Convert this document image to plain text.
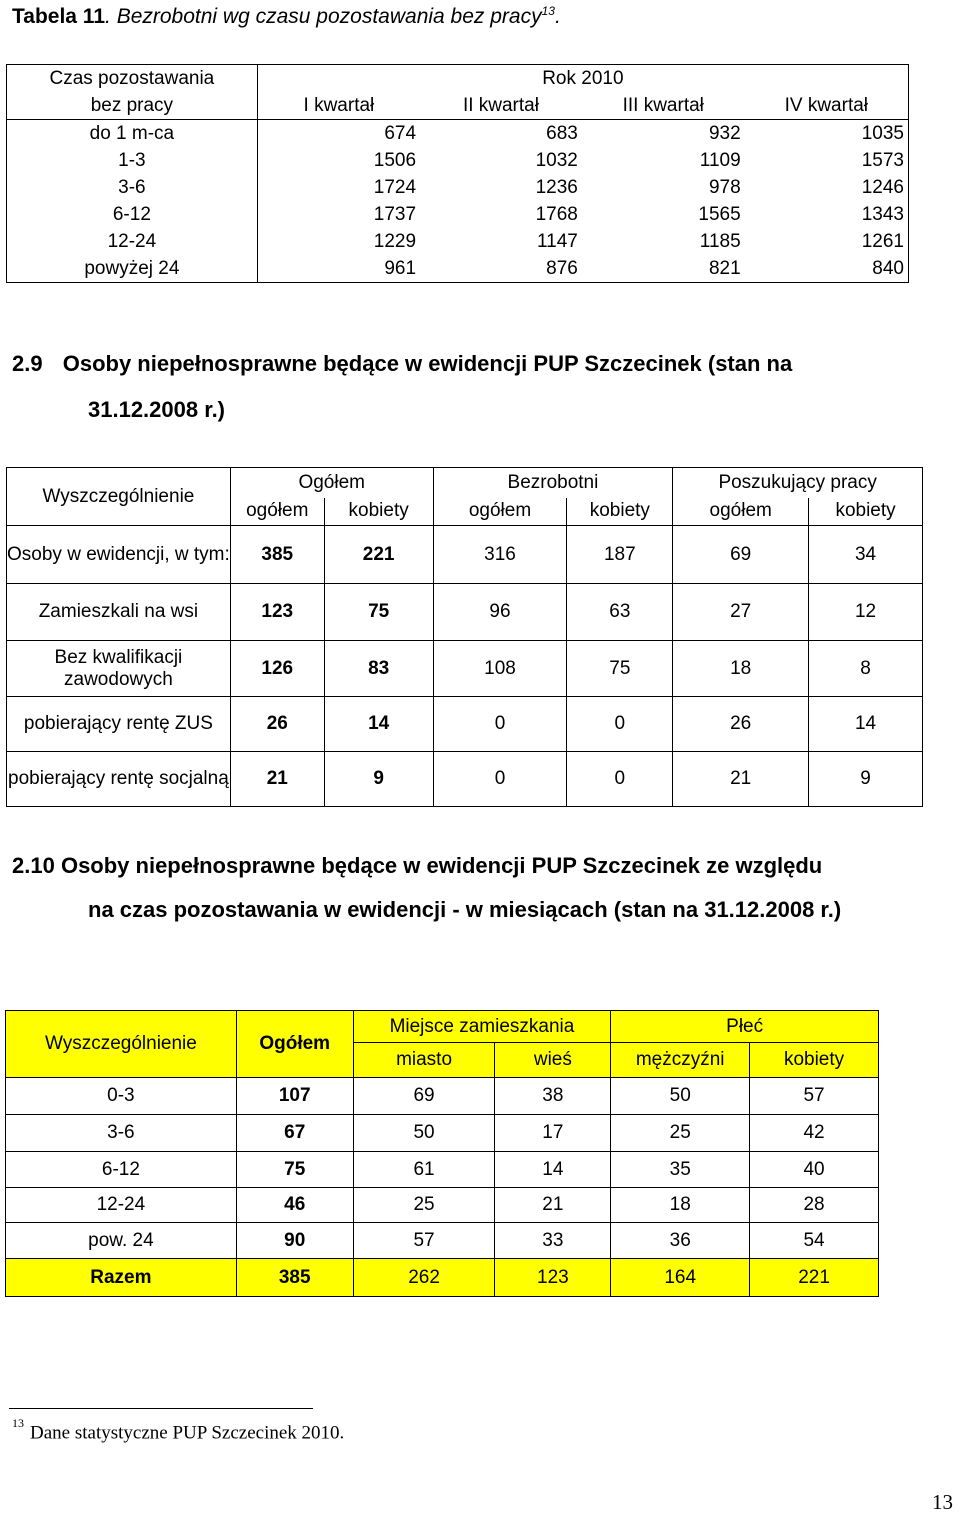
Tabela 11. Bezrobotni wg czasu pozostawania bez pracy$^{13}$.
Czas pozostawania	Rok 2010			
bez pracy	I kwartał	II kwartał	III kwartał	IV kwartał
do 1 m-ca	674	683	932	1035
1-3	1506	1032	1109	1573
3-6	1724	1236	978	1246
6-12	1737	1768	1565	1343
12-24	1229	1147	1185	1261
powyżej 24	961	876	821	840
2.9 Osoby niepełnosprawne będące w ewidencji PUP Szczecinek (stan na
31.12.2008 r.)
Wyszczególnienie	Ogółem		Bezrobotni		Poszukujący pracy	
	ogółem	kobiety	ogółem	kobiety	ogółem	kobiety
Osoby w ewidencji, w tym:	385	221	316	187	69	34
Zamieszkali na wsi	123	75	96	63	27	12
Bez kwalifikacji zawodowych	126	83	108	75	18	8
pobierający rentę ZUS	26	14	0	0	26	14
pobierający rentę socjalną	21	9	0	0	21	9
2.10 Osoby niepełnosprawne będące w ewidencji PUP Szczecinek ze względu
na czas pozostawania w ewidencji - w miesiącach (stan na 31.12.2008 r.)
Wyszczególnienie	Ogółem	Miejsce zamieszkania		Płeć	
		miasto	wieś	mężczyźni	kobiety
0-3	107	69	38	50	57
3-6	67	50	17	25	42
6-12	75	61	14	35	40
12-24	46	25	21	18	28
pow. 24	90	57	33	36	54
Razem	385	262	123	164	221
$^{13}$ Dane statystyczne PUP Szczecinek 2010.
13
